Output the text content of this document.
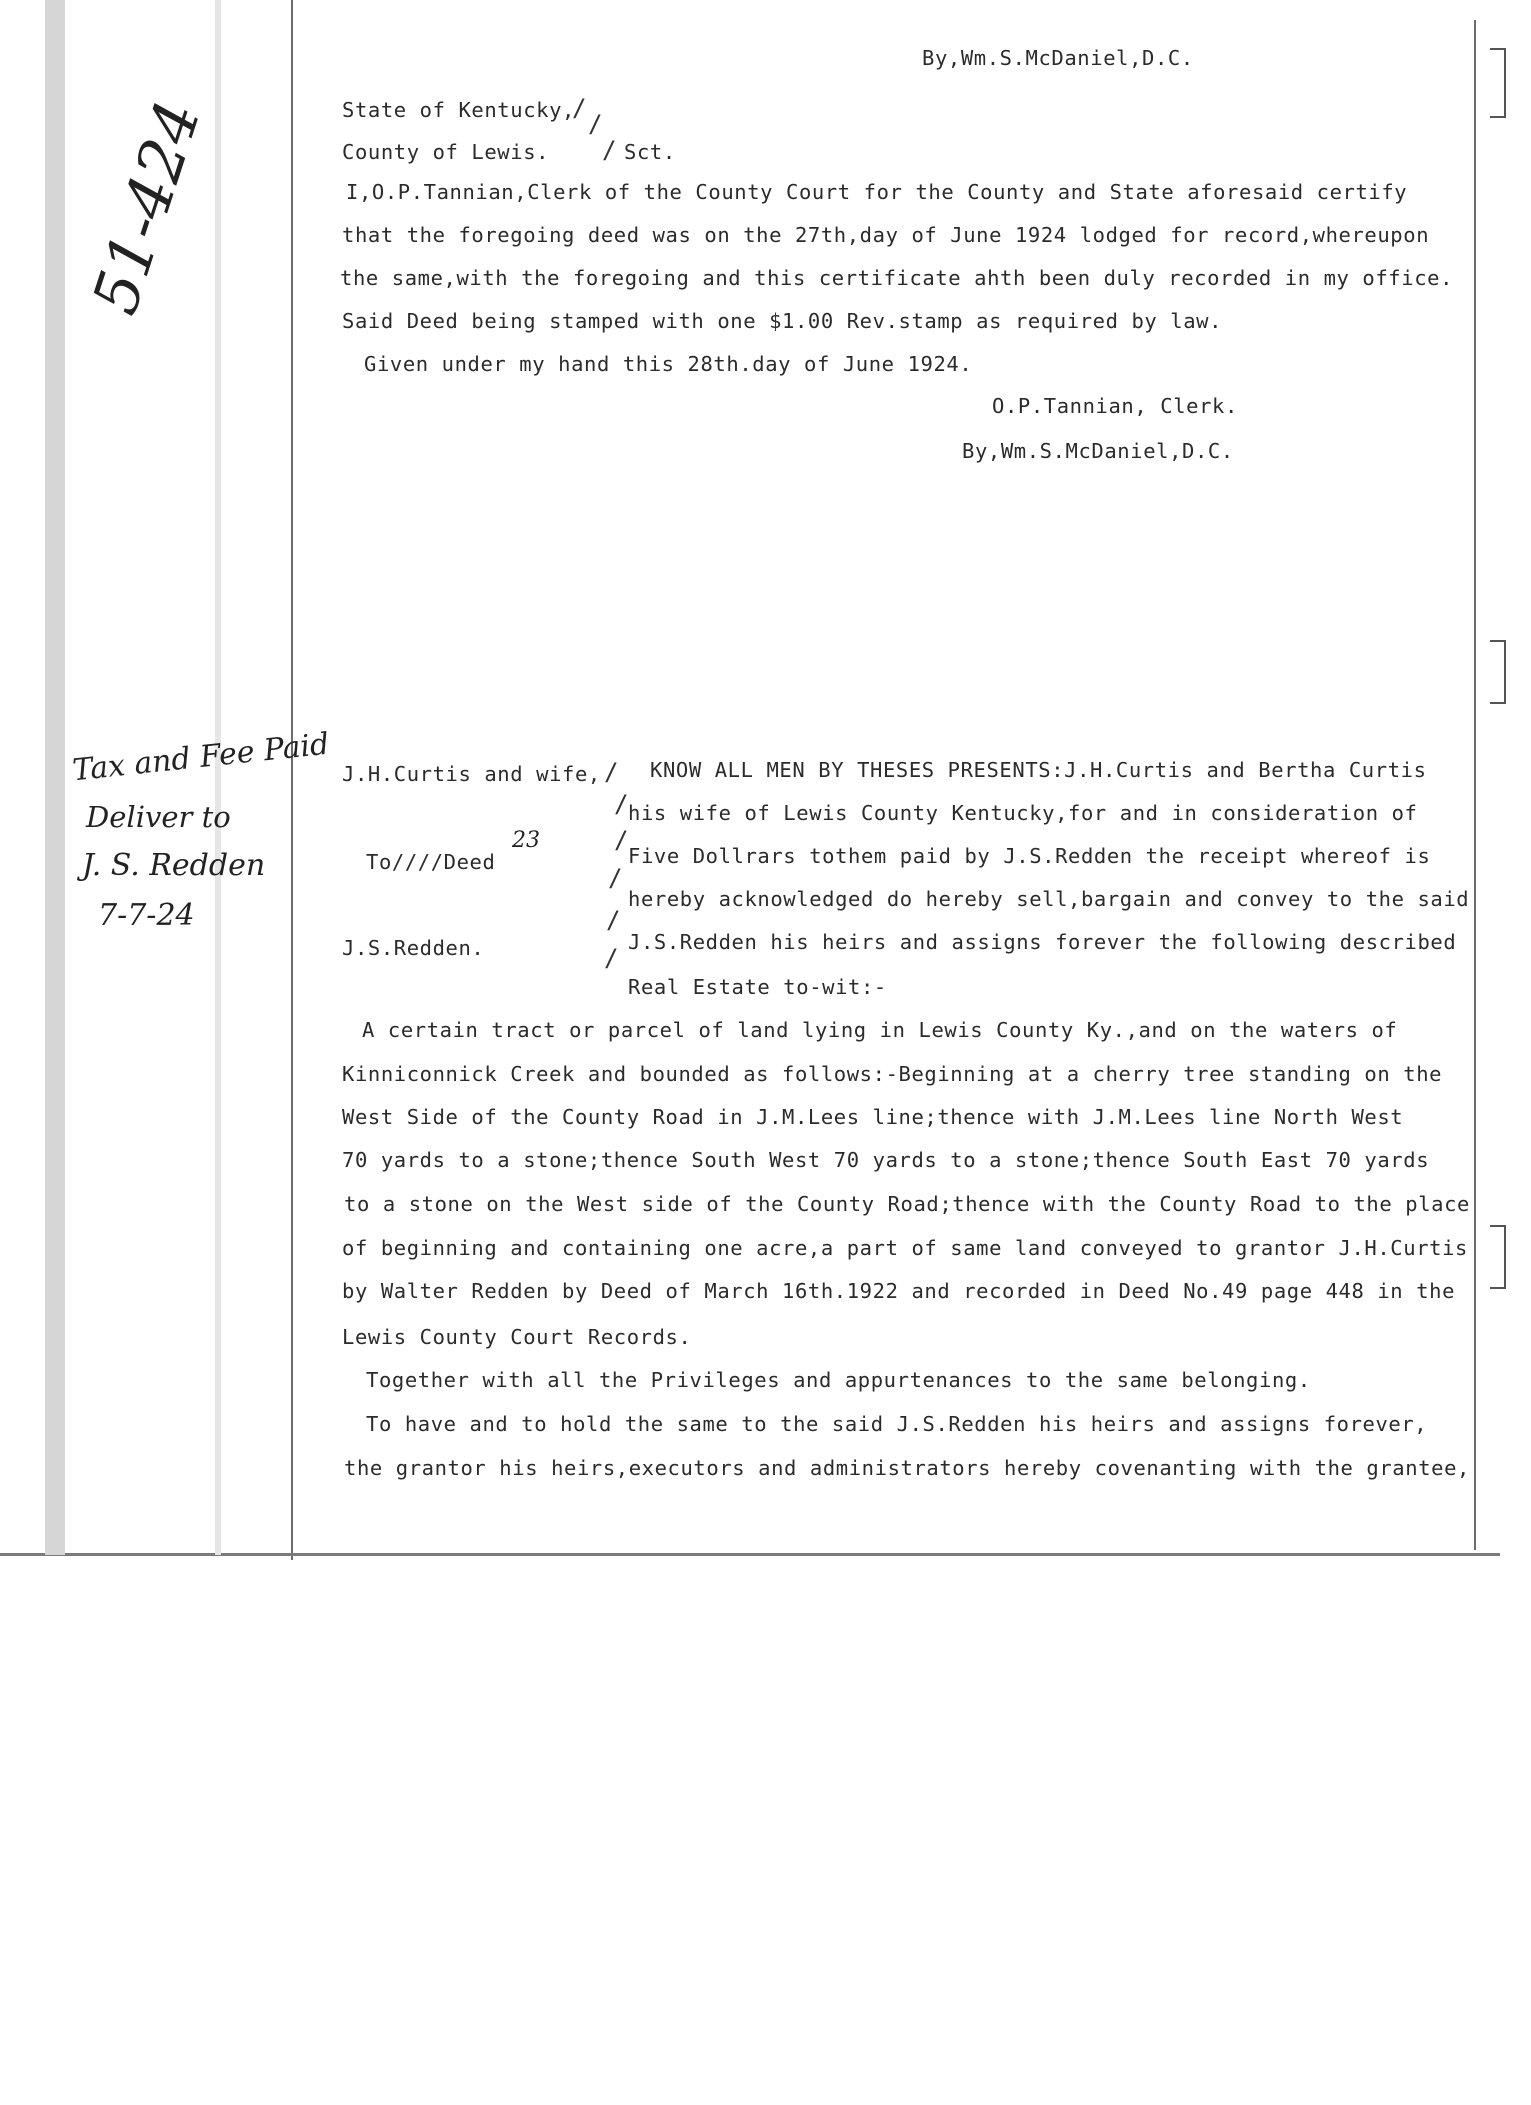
51-424
Tax and Fee Paid
Deliver to
J. S. Redden
7-7-24
23
By,Wm.S.McDaniel,D.C.
State of Kentucky,
/
/
County of Lewis. / Sct.
I,O.P.Tannian,Clerk of the County Court for the County and State aforesaid certify
that the foregoing deed was on the 27th,day of June 1924 lodged for record,whereupon
the same,with the foregoing and this certificate ahth been duly recorded in my office.
Said Deed being stamped with one $1.00 Rev.stamp as required by law.
Given under my hand this 28th.day of June 1924.
O.P.Tannian, Clerk.
By,Wm.S.McDaniel,D.C.
J.H.Curtis and wife, /
/
To////Deed
/
/
/
J.S.Redden.	/
KNOW ALL MEN BY THESES PRESENTS:J.H.Curtis and Bertha Curtis
his wife of Lewis County Kentucky,for and in consideration of
Five Dollrars tothem paid by J.S.Redden the receipt whereof is
hereby acknowledged do hereby sell,bargain and convey to the said
J.S.Redden his heirs and assigns forever the following described
Real Estate to-wit:-
A certain tract or parcel of land lying in Lewis County Ky.,and on the waters of
Kinniconnick Creek and bounded as follows:-Beginning at a cherry tree standing on the
West Side of the County Road in J.M.Lees line;thence with J.M.Lees line North West
70 yards to a stone;thence South West 70 yards to a stone;thence South East 70 yards
to a stone on the West side of the County Road;thence with the County Road to the place
of beginning and containing one acre,a part of same land conveyed to grantor J.H.Curtis
by Walter Redden by Deed of March 16th.1922 and recorded in Deed No.49 page 448 in the
Lewis County Court Records.
Together with all the Privileges and appurtenances to the same belonging.
To have and to hold the same to the said J.S.Redden his heirs and assigns forever,
the grantor his heirs,executors and administrators hereby covenanting with the grantee,
